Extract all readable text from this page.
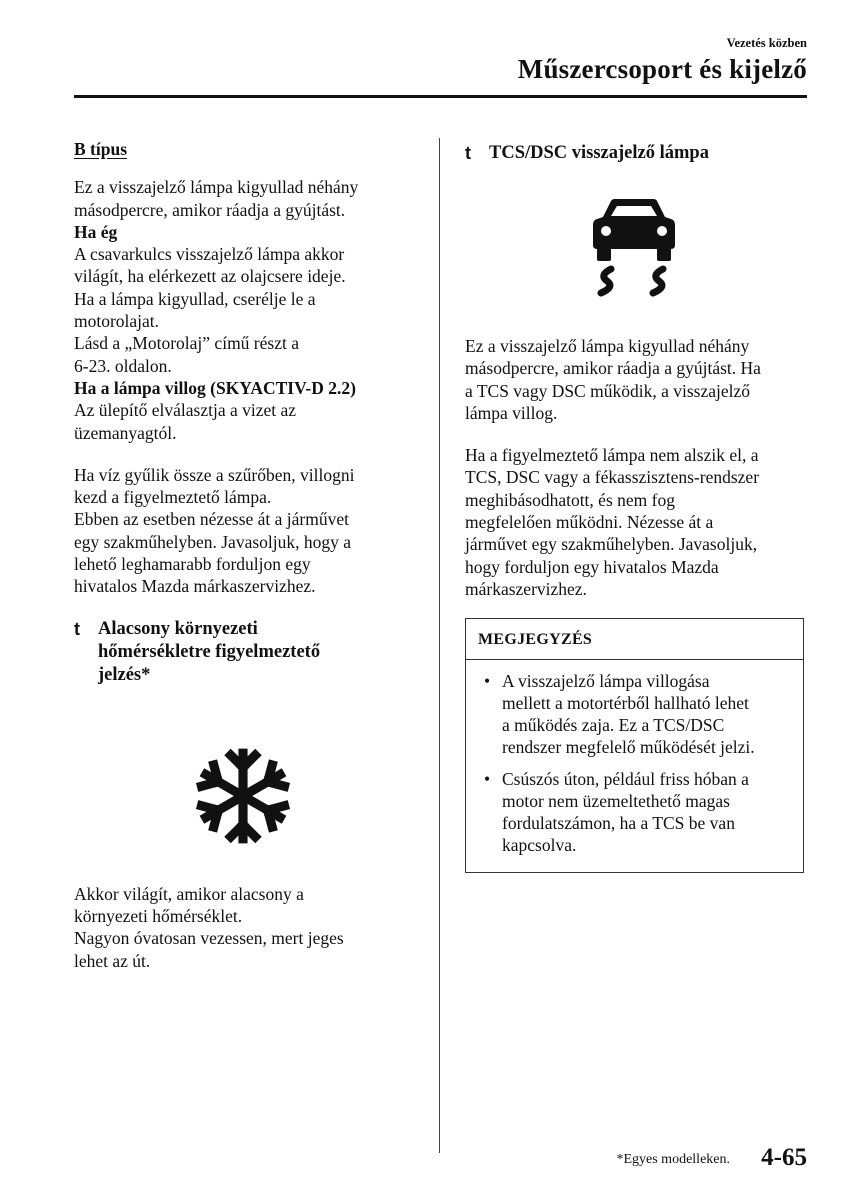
Vezetés közben
Műszercsoport és kijelző
B típus
Ez a visszajelző lámpa kigyullad néhány
másodpercre, amikor ráadja a gyújtást.
Ha ég
A csavarkulcs visszajelző lámpa akkor
világít, ha elérkezett az olajcsere ideje.
Ha a lámpa kigyullad, cserélje le a
motorolajat.
Lásd a „Motorolaj” című részt a
6-23. oldalon.
Ha a lámpa villog (SKYACTIV-D 2.2)
Az ülepítő elválasztja a vizet az
üzemanyagtól.
Ha víz gyűlik össze a szűrőben, villogni
kezd a figyelmeztető lámpa.
Ebben az esetben nézesse át a járművet
egy szakműhelyben. Javasoljuk, hogy a
lehető leghamarabb forduljon egy
hivatalos Mazda márkaszervizhez.
t Alacsony környezeti
hőmérsékletre figyelmeztető
jelzés*
Akkor világít, amikor alacsony a
környezeti hőmérséklet.
Nagyon óvatosan vezessen, mert jeges
lehet az út.
t TCS/DSC visszajelző lámpa
Ez a visszajelző lámpa kigyullad néhány
másodpercre, amikor ráadja a gyújtást. Ha
a TCS vagy DSC működik, a visszajelző
lámpa villog.
Ha a figyelmeztető lámpa nem alszik el, a
TCS, DSC vagy a fékasszisztens-rendszer
meghibásodhatott, és nem fog
megfelelően működni. Nézesse át a
járművet egy szakműhelyben. Javasoljuk,
hogy forduljon egy hivatalos Mazda
márkaszervizhez.
MEGJEGYZÉS
• A visszajelző lámpa villogása
mellett a motortérből hallható lehet
a működés zaja. Ez a TCS/DSC
rendszer megfelelő működését jelzi.
• Csúszós úton, például friss hóban a
motor nem üzemeltethető magas
fordulatszámon, ha a TCS be van
kapcsolva.
*Egyes modelleken. 4-65
